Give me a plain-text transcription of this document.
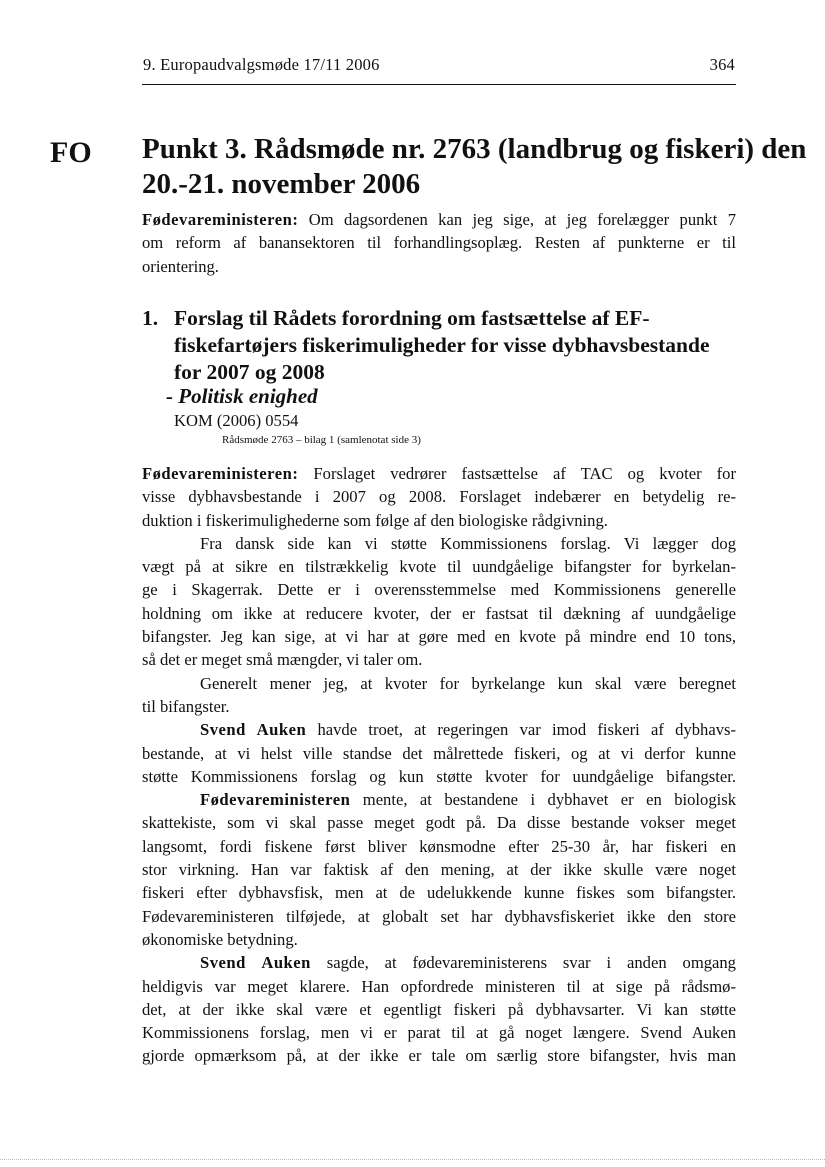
9. Europaudvalgsmøde 17/11 2006	364
FO Punkt 3. Rådsmøde nr. 2763 (landbrug og fiskeri) den
20.-21. november 2006
Fødevareministeren: Om dagsordenen kan jeg sige, at jeg forelægger punkt 7
om reform af banansektoren til forhandlingsoplæg. Resten af punkterne er til
orientering.
1. Forslag til Rådets forordning om fastsættelse af EF-
fiskefartøjers fiskerimuligheder for visse dybhavsbestande
for 2007 og 2008
- Politisk enighed
KOM (2006) 0554
Rådsmøde 2763 – bilag 1 (samlenotat side 3)
Fødevareministeren: Forslaget vedrører fastsættelse af TAC og kvoter for
visse dybhavsbestande i 2007 og 2008. Forslaget indebærer en betydelig re-
duktion i fiskerimulighederne som følge af den biologiske rådgivning.
Fra dansk side kan vi støtte Kommissionens forslag. Vi lægger dog
vægt på at sikre en tilstrækkelig kvote til uundgåelige bifangster for byrkelan-
ge i Skagerrak. Dette er i overensstemmelse med Kommissionens generelle
holdning om ikke at reducere kvoter, der er fastsat til dækning af uundgåelige
bifangster. Jeg kan sige, at vi har at gøre med en kvote på mindre end 10 tons,
så det er meget små mængder, vi taler om.
Generelt mener jeg, at kvoter for byrkelange kun skal være beregnet
til bifangster.
Svend Auken havde troet, at regeringen var imod fiskeri af dybhavs-
bestande, at vi helst ville standse det målrettede fiskeri, og at vi derfor kunne
støtte Kommissionens forslag og kun støtte kvoter for uundgåelige bifangster.
Fødevareministeren mente, at bestandene i dybhavet er en biologisk
skattekiste, som vi skal passe meget godt på. Da disse bestande vokser meget
langsomt, fordi fiskene først bliver kønsmodne efter 25-30 år, har fiskeri en
stor virkning. Han var faktisk af den mening, at der ikke skulle være noget
fiskeri efter dybhavsfisk, men at de udelukkende kunne fiskes som bifangster.
Fødevareministeren tilføjede, at globalt set har dybhavsfiskeriet ikke den store
økonomiske betydning.
Svend Auken sagde, at fødevareministerens svar i anden omgang
heldigvis var meget klarere. Han opfordrede ministeren til at sige på rådsmø-
det, at der ikke skal være et egentligt fiskeri på dybhavsarter. Vi kan støtte
Kommissionens forslag, men vi er parat til at gå noget længere. Svend Auken
gjorde opmærksom på, at der ikke er tale om særlig store bifangster, hvis man
